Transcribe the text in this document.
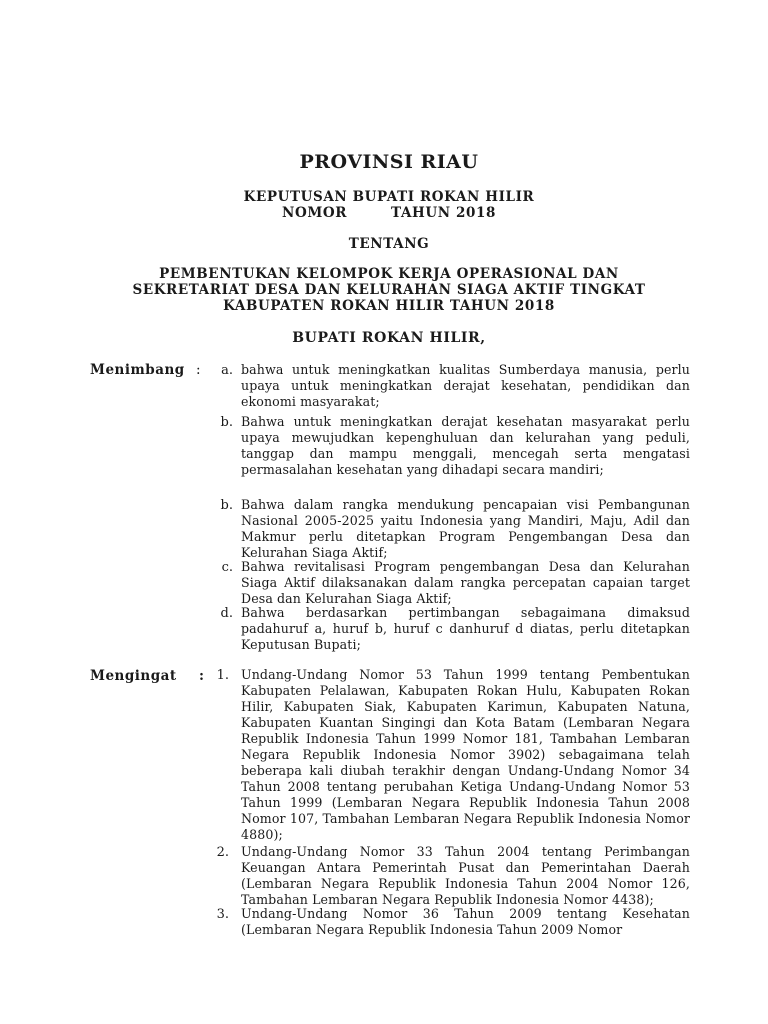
PROVINSI RIAU
KEPUTUSAN BUPATI ROKAN HILIR
NOMOR	TAHUN 2018
TENTANG
PEMBENTUKAN KELOMPOK KERJA OPERASIONAL DAN
SEKRETARIAT DESA DAN KELURAHAN SIAGA AKTIF TINGKAT
KABUPATEN ROKAN HILIR TAHUN 2018
BUPATI ROKAN HILIR,
Menimbang :	a. bahwa untuk meningkatkan kualitas Sumberdaya manusia, perlu upaya untuk meningkatkan derajat kesehatan, pendidikan dan ekonomi masyarakat;
b. Bahwa untuk meningkatkan derajat kesehatan masyarakat perlu upaya mewujudkan kepenghuluan dan kelurahan yang peduli, tanggap dan mampu menggali, mencegah serta mengatasi permasalahan kesehatan yang dihadapi secara mandiri;
b. Bahwa dalam rangka mendukung pencapaian visi Pembangunan Nasional 2005-2025 yaitu Indonesia yang Mandiri, Maju, Adil dan Makmur perlu ditetapkan Program Pengembangan Desa dan Kelurahan Siaga Aktif;
c. Bahwa revitalisasi Program pengembangan Desa dan Kelurahan Siaga Aktif dilaksanakan dalam rangka percepatan capaian target Desa dan Kelurahan Siaga Aktif;
d. Bahwa berdasarkan pertimbangan sebagaimana dimaksud padahuruf a, huruf b, huruf c danhuruf d diatas, perlu ditetapkan Keputusan Bupati;
Mengingat : 1. Undang-Undang Nomor 53 Tahun 1999 tentang Pembentukan Kabupaten Pelalawan, Kabupaten Rokan Hulu, Kabupaten Rokan Hilir, Kabupaten Siak, Kabupaten Karimun, Kabupaten Natuna, Kabupaten Kuantan Singingi dan Kota Batam (Lembaran Negara Republik Indonesia Tahun 1999 Nomor 181, Tambahan Lembaran Negara Republik Indonesia Nomor 3902) sebagaimana telah beberapa kali diubah terakhir dengan Undang-Undang Nomor 34 Tahun 2008 tentang perubahan Ketiga Undang-Undang Nomor 53 Tahun 1999 (Lembaran Negara Republik Indonesia Tahun 2008 Nomor 107, Tambahan Lembaran Negara Republik Indonesia Nomor 4880);
2. Undang-Undang Nomor 33 Tahun 2004 tentang Perimbangan Keuangan Antara Pemerintah Pusat dan Pemerintahan Daerah (Lembaran Negara Republik Indonesia Tahun 2004 Nomor 126, Tambahan Lembaran Negara Republik Indonesia Nomor 4438);
3. Undang-Undang Nomor 36 Tahun 2009 tentang Kesehatan (Lembaran Negara Republik Indonesia Tahun 2009 Nomor
